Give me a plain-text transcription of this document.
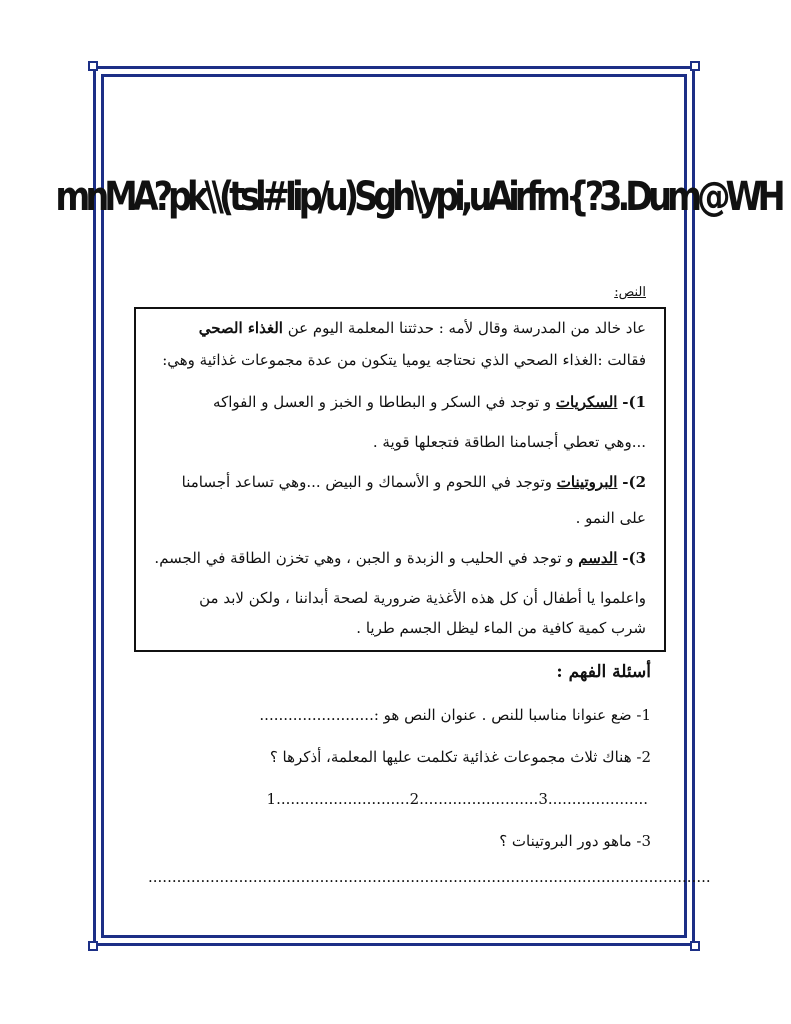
mnMA?pk\\(tsl#Iip/u)Sgh\ypi,uAirfm{?3.Dum@WH
النص:
عاد خالد من المدرسة وقال لأمه : حدثتنا المعلمة اليوم عن الغذاء الصحي
فقالت :الغذاء الصحي الذي نحتاجه يوميا يتكون من عدة مجموعات غذائية وهي:
1)- السكريات و توجد في السكر و البطاطا و الخبز و العسل و الفواكه
...وهي تعطي أجسامنا الطاقة فتجعلها قوية .
2)- البروتينات وتوجد في اللحوم و الأسماك و البيض ...وهي تساعد أجسامنا
على النمو .
3)- الدسم و توجد في الحليب و الزبدة و الجبن ، وهي تخزن الطاقة في الجسم.
واعلموا يا أطفال أن كل هذه الأغذية ضرورية لصحة أبداننا ، ولكن لابد من
شرب كمية كافية من الماء ليظل الجسم طريا .
أسئلة الفهم :
1- ضع عنوانا مناسبا للنص . عنوان النص هو :........................
2- هناك ثلاث مجموعات غذائية تكلمت عليها المعلمة، أذكرها ؟
1............................2.........................3.....................
3- ماهو دور البروتينات ؟
......................................................................................................................
